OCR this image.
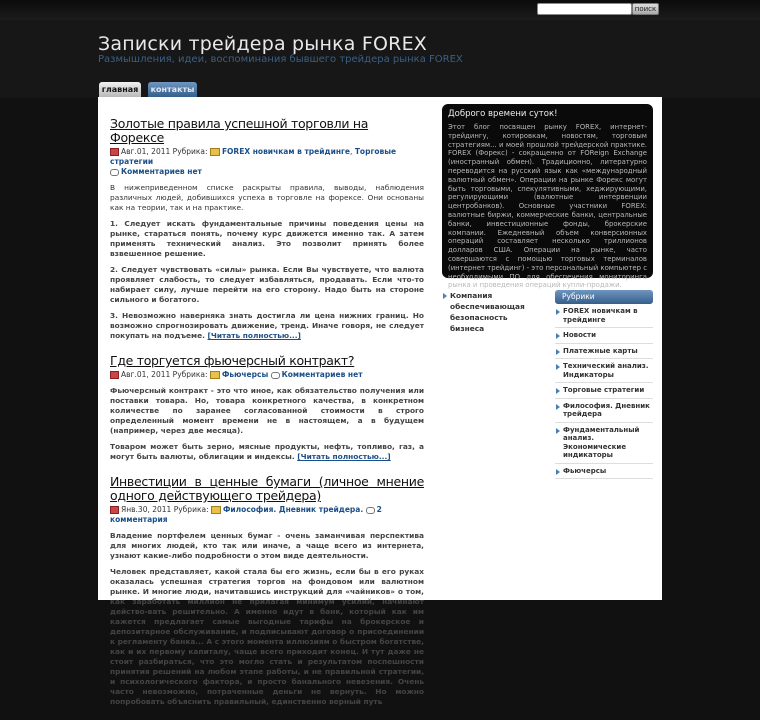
поиск
Записки трейдера рынка FOREX
Размышления, идеи, воспоминания бывшего трейдера рынка FOREX
главная	контакты
Золотые правила успешной торговли на Форексе
Авг.01, 2011 Рубрика: FOREX новичкам в трейдинге, Торговые стратегии
Комментариев нет

В нижеприведенном списке раскрыты правила, выводы, наблюдения различных людей, добившихся успеха в торговле на форексе. Они основаны как на теории, так и на практике.

1. Следует искать фундаментальные причины поведения цены на рынке, стараться понять, почему курс движется именно так. А затем применять технический анализ. Это позволит принять более взвешенное решение.

2. Следует чувствовать «силы» рынка. Если Вы чувствуете, что валюта проявляет слабость, то следует избавляться, продавать. Если что-то набирает силу, лучше перейти на его сторону. Надо быть на стороне сильного и богатого.

3. Невозможно наверняка знать достигла ли цена нижних границ. Но возможно спрогнозировать движение, тренд. Иначе говоря, не следует покупать на подъеме. [Читать полностью...]

Где торгуется фьючерсный контракт?
Авг.01, 2011 Рубрика: Фьючерсы Комментариев нет

Фьючерсный контракт - это что иное, как обязательство получения или поставки товара. Но, товара конкретного качества, в конкретном количестве по заранее согласованной стоимости в строго определенный момент времени не в настоящем, а в будущем (например, через две месяца).

Товаром может быть зерно, мясные продукты, нефть, топливо, газ, а могут быть валюты, облигации и индексы. [Читать полностью...]

Инвестиции в ценные бумаги (личное мнение одного действующего трейдера)
Янв.30, 2011 Рубрика: Философия. Дневник трейдера. 2 комментария

Владение портфелем ценных бумаг - очень заманчивая перспектива для многих людей, кто так или иначе, а чаще всего из интернета, узнают какие-либо подробности о этом виде деятельности.

Человек представляет, какой стала бы его жизнь, если бы в его руках оказалась успешная стратегия торгов на фондовом или валютном рынке. И многие люди, начитавшись инструкций для «чайников» о том, как заработать миллион не прилагая минимум усилий, начинают действо-вать решительно. А именно идут в банк, который как им кажется предлагает самые выгодные тарифы на брокерское и депозитарное обслуживание, и подписывают договор о присоединении к регламенту банка... А с этого момента иллюзиям о быстром богатстве, как и их первому капиталу, чаще всего приходит конец. И тут даже не стоит разбираться, что это могло стать и результатом поспешности принятия решений на любом этапе работы, и не правильной стратегии, и психологического фактора, и просто банального невезения. Очень часто невозможно, потраченные деньги не вернуть. Но можно попробовать объяснить правильный, единственно верный путь

Доброго времени суток!
Этот блог посвящен рынку FOREX, интернет-трейдингу, котировкам, новостям, торговым стратегиям... и моей прошлой трейдерской практике. FOREX (Форекс) - сокращенно от FOReign Exchange (иностранный обмен). Традиционно, литературно переводится на русский язык как «международный валютный обмен». Операции на рынке Форекс могут быть торговыми, спекулятивными, хеджирующими, регулирующими (валютные интервенции центробанков). Основные участники FOREX: валютные биржи, коммерческие банки, центральные банки, инвестиционные фонды, брокерские компании. Ежедневный объем конверсионных операций составляет несколько триллионов долларов США. Операции на рынке, часто совершаются с помощью торговых терминалов (интернет трейдинг) - это персональный компьютер с необходимыми ПО для обеспечения мониторинга рынка и проведения операций купли-продажи.
Компания обеспечивающая безопасность бизнеса
Рубрики
FOREX новичкам в трейдинге
Новости
Платежные карты
Технический анализ. Индикаторы
Торговые стратегии
Философия. Дневник трейдера
Фундаментальный анализ. Экономические индикаторы
Фьючерсы
